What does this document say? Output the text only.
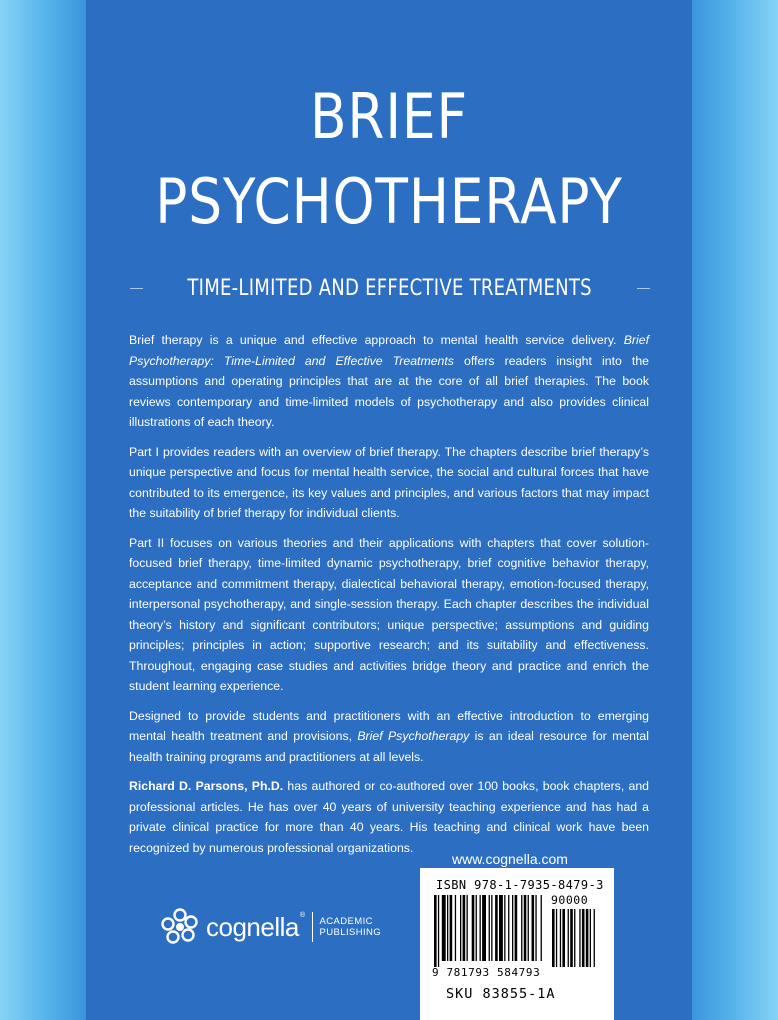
BRIEF
PSYCHOTHERAPY
TIME-LIMITED AND EFFECTIVE TREATMENTS

Brief therapy is a unique and effective approach to mental health service delivery. Brief Psychotherapy: Time-Limited and Effective Treatments offers readers insight into the assumptions and operating principles that are at the core of all brief therapies. The book reviews contemporary and time-limited models of psychotherapy and also provides clinical illustrations of each theory.

Part I provides readers with an overview of brief therapy. The chapters describe brief therapy’s unique perspective and focus for mental health service, the social and cultural forces that have contributed to its emergence, its key values and principles, and various factors that may impact the suitability of brief therapy for individual clients.

Part II focuses on various theories and their applications with chapters that cover solution-focused brief therapy, time-limited dynamic psychotherapy, brief cognitive behavior therapy, acceptance and commitment therapy, dialectical behavioral therapy, emotion-focused therapy, interpersonal psychotherapy, and single-session therapy. Each chapter describes the individual theory’s history and significant contributors; unique perspective; assumptions and guiding principles; principles in action; supportive research; and its suitability and effectiveness. Throughout, engaging case studies and activities bridge theory and practice and enrich the student learning experience.

Designed to provide students and practitioners with an effective introduction to emerging mental health treatment and provisions, Brief Psychotherapy is an ideal resource for mental health training programs and practitioners at all levels.

Richard D. Parsons, Ph.D. has authored or co-authored over 100 books, book chapters, and professional articles. He has over 40 years of university teaching experience and has had a private clinical practice for more than 40 years. His teaching and clinical work have been recognized by numerous professional organizations.

www.cognella.com
cognella®
ACADEMIC
PUBLISHING
ISBN 978-1-7935-8479-3
90000
9 781793 584793
SKU 83855-1A
